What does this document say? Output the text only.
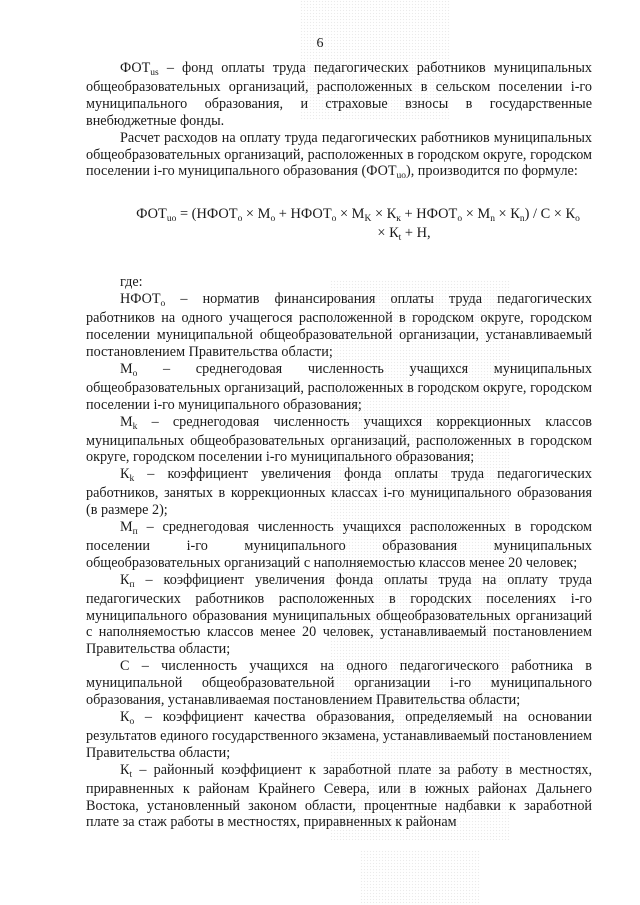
6

$ФОТ_{us}$ – фонд оплаты труда педагогических работников муниципальных общеобразовательных организаций, расположенных в сельском поселении i-го муниципального образования, и страховые взносы в государственные внебюджетные фонды.

Расчет расходов на оплату труда педагогических работников муниципальных общеобразовательных организаций, расположенных в городском округе, городском поселении i-го муниципального образования $(ФОТ_{uo})$, производится по формуле:

$ФОТ_{uo}$ = ($НФОТ_o \times М_o$ + $НФОТ_o \times М_K \times К_к$ + $НФОТ_o \times М_n \times К_n) / С \times К_o$
× $К_t + Н$,

где:

$НФОТ_o$ – норматив финансирования оплаты труда педагогических работников на одного учащегося расположенной в городском округе, городском поселении муниципальной общеобразовательной организации, устанавливаемый постановлением Правительства области;

$М_o$ – среднегодовая численность учащихся муниципальных общеобразовательных организаций, расположенных в городском округе, городском поселении i-го муниципального образования;

$М_k$ – среднегодовая численность учащихся коррекционных классов муниципальных общеобразовательных организаций, расположенных в городском округе, городском поселении i-го муниципального образования;

$К_k$ – коэффициент увеличения фонда оплаты труда педагогических работников, занятых в коррекционных классах i-го муниципального образования (в размере 2);

$М_п$ – среднегодовая численность учащихся расположенных в городском поселении i-го муниципального образования муниципальных общеобразовательных организаций с наполняемостью классов менее 20 человек;

$К_п$ – коэффициент увеличения фонда оплаты труда на оплату труда педагогических работников расположенных в городских поселениях i-го муниципального образования муниципальных общеобразовательных организаций с наполняемостью классов менее 20 человек, устанавливаемый постановлением Правительства области;

С – численность учащихся на одного педагогического работника в муниципальной общеобразовательной организации i-го муниципального образования, устанавливаемая постановлением Правительства области;

$К_o$ – коэффициент качества образования, определяемый на основании результатов единого государственного экзамена, устанавливаемый постановлением Правительства области;

$К_t$ – районный коэффициент к заработной плате за работу в местностях, приравненных к районам Крайнего Севера, или в южных районах Дальнего Востока, установленный законом области, процентные надбавки к заработной плате за стаж работы в местностях, приравненных к районам
